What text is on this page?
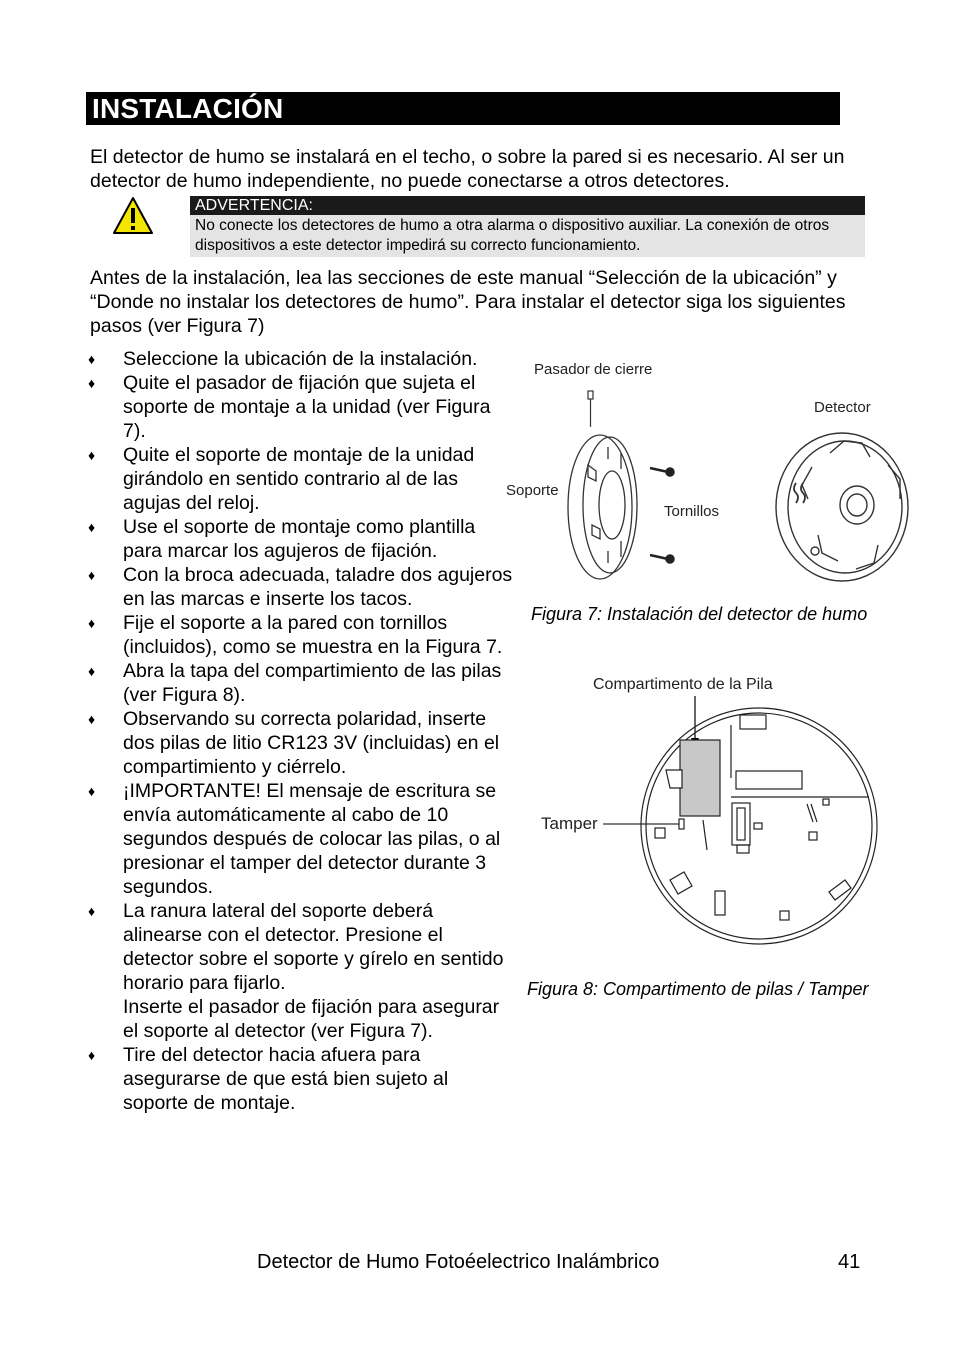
INSTALACIÓN
El detector de humo se instalará en el techo, o sobre la pared si es necesario. Al ser un detector de humo independiente, no puede conectarse a otros detectores.
ADVERTENCIA:
No conecte los detectores de humo a otra alarma o dispositivo auxiliar. La conexión de otros dispositivos a este detector impedirá su correcto funcionamiento.
Antes de la instalación, lea las secciones de este manual “Selección de la ubicación” y “Donde no instalar los detectores de humo”. Para instalar el detector siga los siguientes pasos (ver Figura 7)
♦ Seleccione la ubicación de la instalación.
♦ Quite el pasador de fijación que sujeta el soporte de montaje a la unidad (ver Figura 7).
♦ Quite el soporte de montaje de la unidad girándolo en sentido contrario al de las agujas del reloj.
♦ Use el soporte de montaje como plantilla para marcar los agujeros de fijación.
♦ Con la broca adecuada, taladre dos agujeros en las marcas e inserte los tacos.
♦ Fije el soporte a la pared con tornillos (incluidos), como se muestra en la Figura 7.
♦ Abra la tapa del compartimiento de las pilas (ver Figura 8).
♦ Observando su correcta polaridad, inserte dos pilas de litio CR123 3V (incluidas) en el compartimiento y ciérrelo.
♦ ¡IMPORTANTE! El mensaje de escritura se envía automáticamente al cabo de 10 segundos después de colocar las pilas, o al presionar el tamper del detector durante 3 segundos.
♦ La ranura lateral del soporte deberá alinearse con el detector. Presione el detector sobre el soporte y gírelo en sentido horario para fijarlo.
Inserte el pasador de fijación para asegurar el soporte al detector (ver Figura 7).
♦ Tire del detector hacia afuera para asegurarse de que está bien sujeto al soporte de montaje.
Pasador de cierre
Detector
Soporte
Tornillos
Figura 7: Instalación del detector de humo
Compartimento de la Pila
Tamper
Figura 8: Compartimento de pilas / Tamper
Detector de Humo Fotoéelectrico Inalámbrico	41
